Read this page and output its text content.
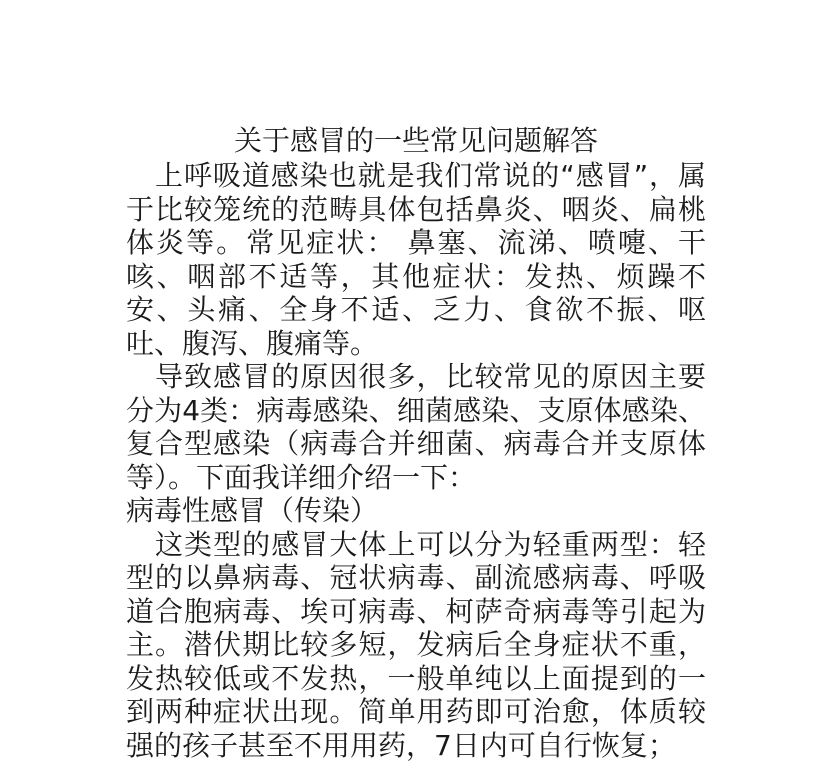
关于感冒的一些常见问题解答
上呼吸道感染也就是我们常说的“感冒”，属
于比较笼统的范畴具体包括鼻炎、咽炎、扁桃
体炎等。常见症状： 鼻塞、流涕、喷嚏、干
咳、咽部不适等，其他症状：发热、烦躁不
安、头痛、全身不适、乏力、食欲不振、呕
吐、腹泻、腹痛等。
导致感冒的原因很多，比较常见的原因主要
分为4类：病毒感染、细菌感染、支原体感染、
复合型感染（病毒合并细菌、病毒合并支原体
等）。下面我详细介绍一下：
病毒性感冒（传染）
这类型的感冒大体上可以分为轻重两型：轻
型的以鼻病毒、冠状病毒、副流感病毒、呼吸
道合胞病毒、埃可病毒、柯萨奇病毒等引起为
主。潜伏期比较多短，发病后全身症状不重，
发热较低或不发热，一般单纯以上面提到的一
到两种症状出现。简单用药即可治愈，体质较
强的孩子甚至不用用药，7日内可自行恢复；
